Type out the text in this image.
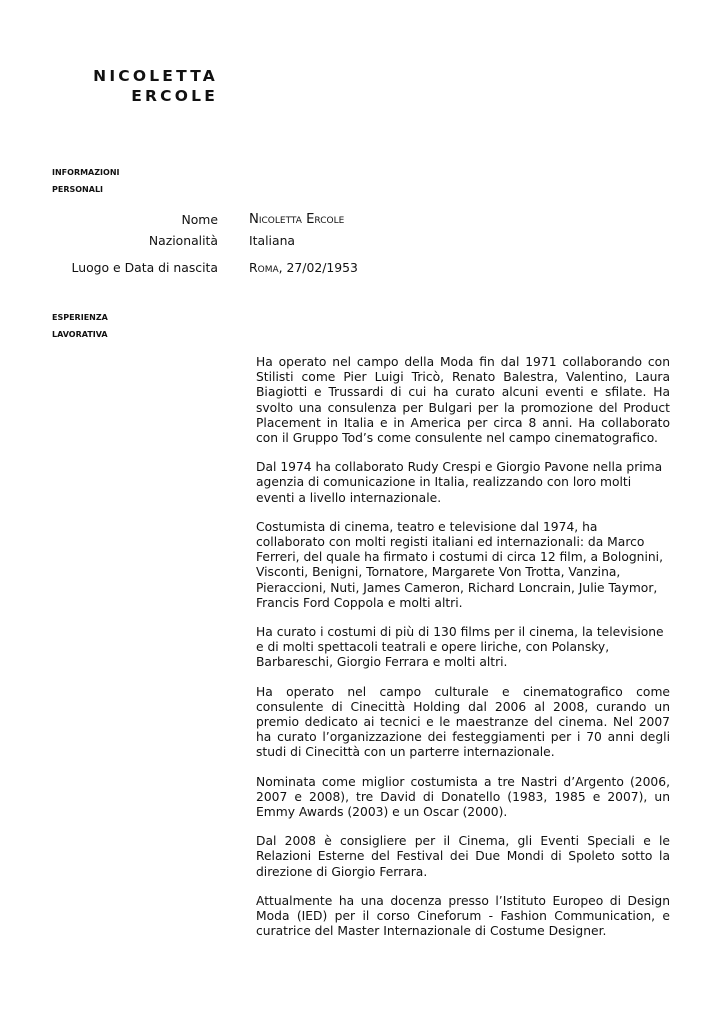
NICOLETTA
ERCOLE
informazioni
personali
Nome Nicoletta Ercole
Nazionalità	Italiana
Luogo e Data di nascita	Roma, 27/02/1953
esperienza
lavorativa

Ha operato nel campo della Moda fin dal 1971 collaborando con Stilisti come Pier Luigi Tricò, Renato Balestra, Valentino, Laura Biagiotti e Trussardi di cui ha curato alcuni eventi e sfilate. Ha svolto una consulenza per Bulgari per la promozione del Product Placement in Italia e in America per circa 8 anni. Ha collaborato con il Gruppo Tod’s come consulente nel campo cinematografico.

Dal 1974 ha collaborato Rudy Crespi e Giorgio Pavone nella prima agenzia di comunicazione in Italia, realizzando con loro molti eventi a livello internazionale.

Costumista di cinema, teatro e televisione dal 1974, ha collaborato con molti registi italiani ed internazionali: da Marco Ferreri, del quale ha firmato i costumi di circa 12 film, a Bolognini, Visconti, Benigni, Tornatore, Margarete Von Trotta, Vanzina, Pieraccioni, Nuti, James Cameron, Richard Loncrain, Julie Taymor, Francis Ford Coppola e molti altri.

Ha curato i costumi di più di 130 films per il cinema, la televisione e di molti spettacoli teatrali e opere liriche, con Polansky, Barbareschi, Giorgio Ferrara e molti altri.

Ha operato nel campo culturale e cinematografico come consulente di Cinecittà Holding dal 2006 al 2008, curando un premio dedicato ai tecnici e le maestranze del cinema. Nel 2007 ha curato l’organizzazione dei festeggiamenti per i 70 anni degli studi di Cinecittà con un parterre internazionale.

Nominata come miglior costumista a tre Nastri d’Argento (2006, 2007 e 2008), tre David di Donatello (1983, 1985 e 2007), un Emmy Awards (2003) e un Oscar (2000).

Dal 2008 è consigliere per il Cinema, gli Eventi Speciali e le Relazioni Esterne del Festival dei Due Mondi di Spoleto sotto la direzione di Giorgio Ferrara.

Attualmente ha una docenza presso l’Istituto Europeo di Design Moda (IED) per il corso Cineforum - Fashion Communication, e curatrice del Master Internazionale di Costume Designer.
